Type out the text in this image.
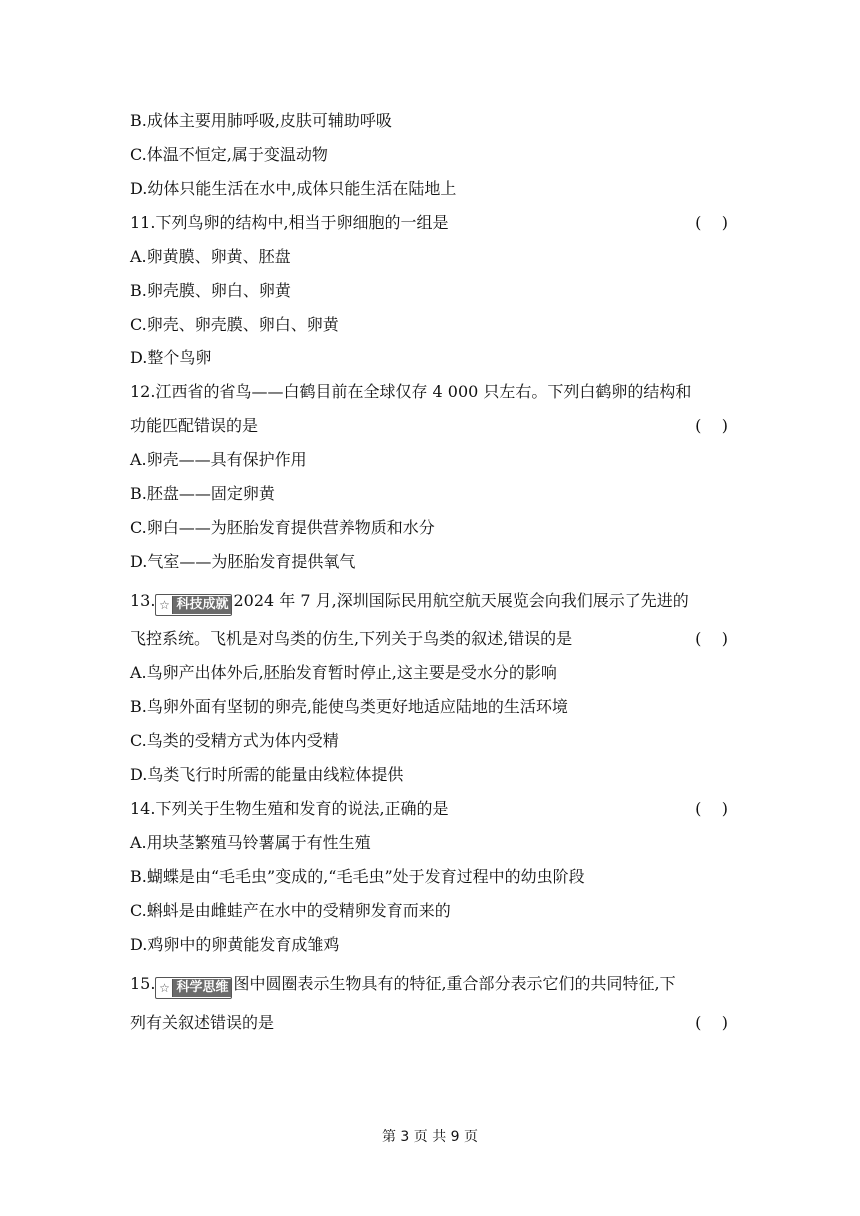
B.成体主要用肺呼吸,皮肤可辅助呼吸
C.体温不恒定,属于变温动物
D.幼体只能生活在水中,成体只能生活在陆地上
11.下列鸟卵的结构中,相当于卵细胞的一组是	(    )
A.卵黄膜、卵黄、胚盘
B.卵壳膜、卵白、卵黄
C.卵壳、卵壳膜、卵白、卵黄
D.整个鸟卵
12.江西省的省鸟——白鹤目前在全球仅存 4 000 只左右。下列白鹤卵的结构和
功能匹配错误的是	(    )
A.卵壳——具有保护作用
B.胚盘——固定卵黄
C.卵白——为胚胎发育提供营养物质和水分
D.气室——为胚胎发育提供氧气
13. ☆ 科技成就 2024 年 7 月,深圳国际民用航空航天展览会向我们展示了先进的
飞控系统。飞机是对鸟类的仿生,下列关于鸟类的叙述,错误的是	(    )
A.鸟卵产出体外后,胚胎发育暂时停止,这主要是受水分的影响
B.鸟卵外面有坚韧的卵壳,能使鸟类更好地适应陆地的生活环境
C.鸟类的受精方式为体内受精
D.鸟类飞行时所需的能量由线粒体提供
14.下列关于生物生殖和发育的说法,正确的是	(    )
A.用块茎繁殖马铃薯属于有性生殖
B.蝴蝶是由“毛毛虫”变成的,“毛毛虫”处于发育过程中的幼虫阶段
C.蝌蚪是由雌蛙产在水中的受精卵发育而来的
D.鸡卵中的卵黄能发育成雏鸡
15. ☆ 科学思维 图中圆圈表示生物具有的特征,重合部分表示它们的共同特征,下
列有关叙述错误的是	(    )
第 3 页 共 9 页
